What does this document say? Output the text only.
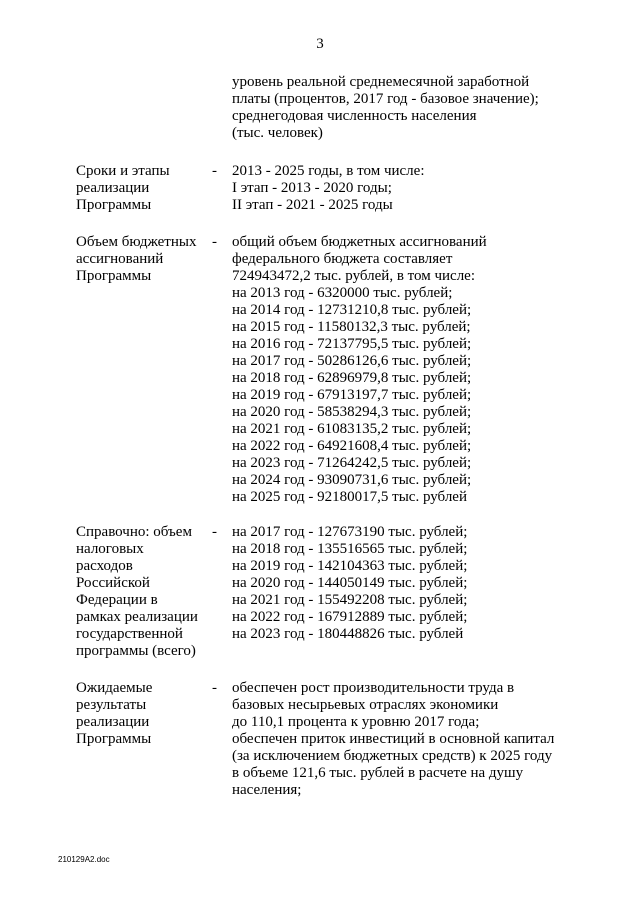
3
уровень реальной среднемесячной заработной
платы (процентов, 2017 год - базовое значение);
среднегодовая численность населения
(тыс. человек)
Сроки и этапы
реализации
Программы
- 2013 - 2025 годы, в том числе:
I этап - 2013 - 2020 годы;
II этап - 2021 - 2025 годы
Объем бюджетных
ассигнований
Программы
- общий объем бюджетных ассигнований
федерального бюджета составляет
724943472,2 тыс. рублей, в том числе:
на 2013 год - 6320000 тыс. рублей;
на 2014 год - 12731210,8 тыс. рублей;
на 2015 год - 11580132,3 тыс. рублей;
на 2016 год - 72137795,5 тыс. рублей;
на 2017 год - 50286126,6 тыс. рублей;
на 2018 год - 62896979,8 тыс. рублей;
на 2019 год - 67913197,7 тыс. рублей;
на 2020 год - 58538294,3 тыс. рублей;
на 2021 год - 61083135,2 тыс. рублей;
на 2022 год - 64921608,4 тыс. рублей;
на 2023 год - 71264242,5 тыс. рублей;
на 2024 год - 93090731,6 тыс. рублей;
на 2025 год - 92180017,5 тыс. рублей
Справочно: объем
налоговых
расходов
Российской
Федерации в
рамках реализации
государственной
программы (всего)
- на 2017 год - 127673190 тыс. рублей;
на 2018 год - 135516565 тыс. рублей;
на 2019 год - 142104363 тыс. рублей;
на 2020 год - 144050149 тыс. рублей;
на 2021 год - 155492208 тыс. рублей;
на 2022 год - 167912889 тыс. рублей;
на 2023 год - 180448826 тыс. рублей
Ожидаемые
результаты
реализации
Программы
- обеспечен рост производительности труда в
базовых несырьевых отраслях экономики
до 110,1 процента к уровню 2017 года;
обеспечен приток инвестиций в основной капитал
(за исключением бюджетных средств) к 2025 году
в объеме 121,6 тыс. рублей в расчете на душу
населения;
210129A2.doc
